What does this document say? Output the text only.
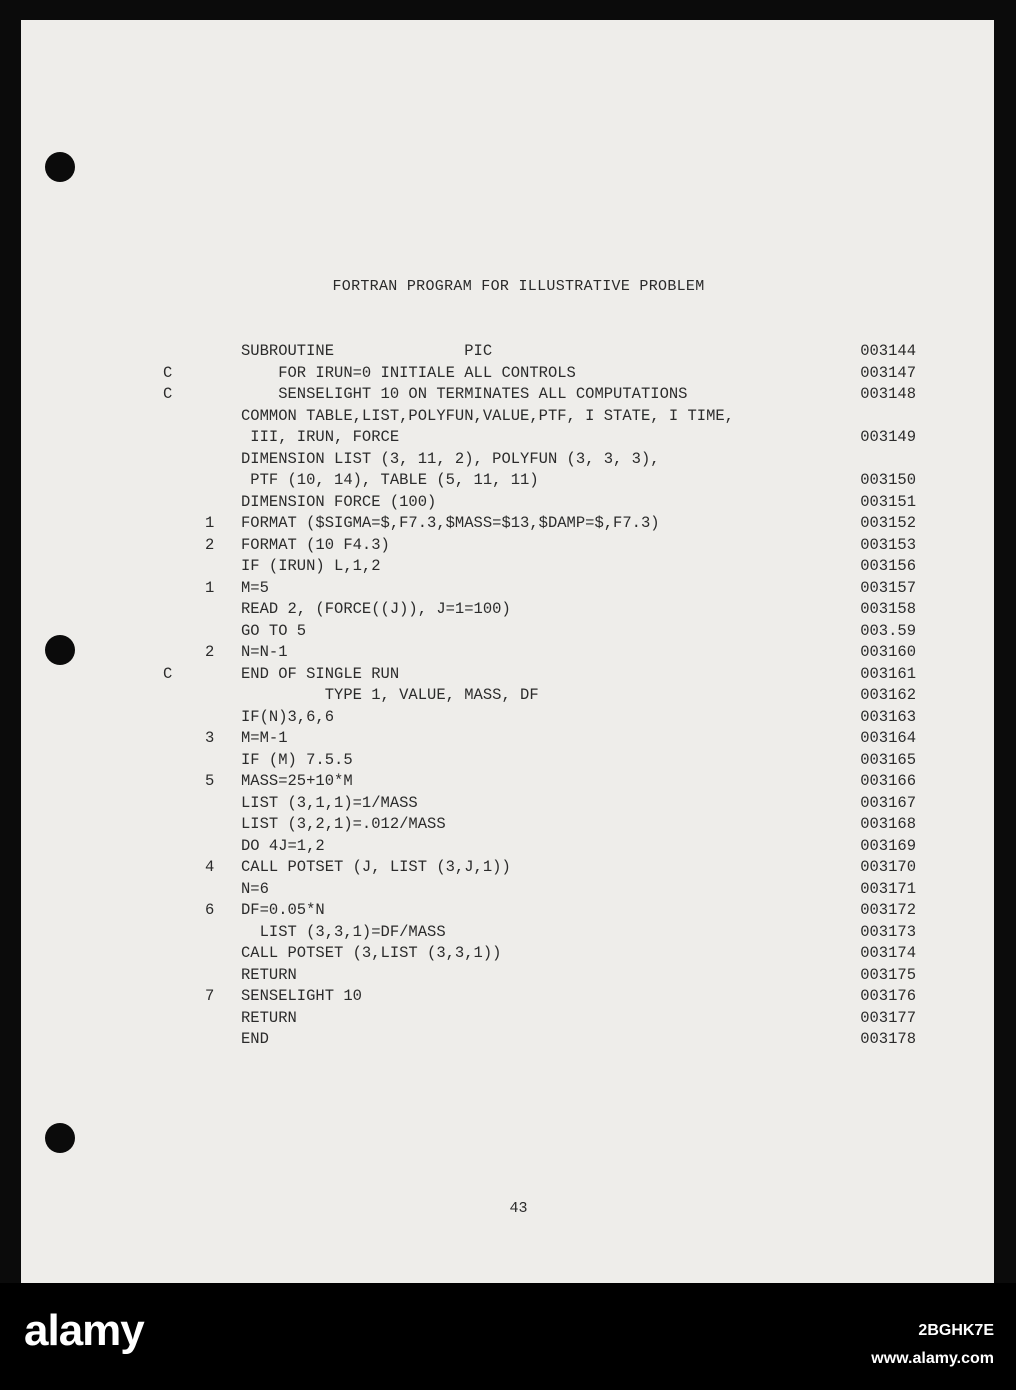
FORTRAN PROGRAM FOR ILLUSTRATIVE PROBLEM
SUBROUTINE              PIC	003144
C	FOR IRUN=0 INITIALE ALL CONTROLS	003147
C	SENSELIGHT 10 ON TERMINATES ALL COMPUTATIONS	003148
COMMON TABLE,LIST,POLYFUN,VALUE,PTF, I STATE, I TIME,
III, IRUN, FORCE	003149
DIMENSION LIST (3, 11, 2), POLYFUN (3, 3, 3),
PTF (10, 14), TABLE (5, 11, 11)	003150
DIMENSION FORCE (100)	003151
1 FORMAT ($SIGMA=$,F7.3,$MASS=$13,$DAMP=$,F7.3)	003152
2 FORMAT (10 F4.3)	003153
IF (IRUN) L,1,2	003156
1 M=5	003157
READ 2, (FORCE((J)), J=1=100)	003158
GO TO 5	003.59
2 N=N-1	003160
C	END OF SINGLE RUN	003161
TYPE 1, VALUE, MASS, DF	003162
IF(N)3,6,6	003163
3 M=M-1	003164
IF (M) 7.5.5	003165
5 MASS=25+10*M	003166
LIST (3,1,1)=1/MASS	003167
LIST (3,2,1)=.012/MASS	003168
DO 4J=1,2	003169
4 CALL POTSET (J, LIST (3,J,1))	003170
N=6	003171
6 DF=0.05*N	003172
LIST (3,3,1)=DF/MASS	003173
CALL POTSET (3,LIST (3,3,1))	003174
RETURN	003175
7 SENSELIGHT 10	003176
RETURN	003177
END	003178
43
alamy	2BGHK7E
www.alamy.com
